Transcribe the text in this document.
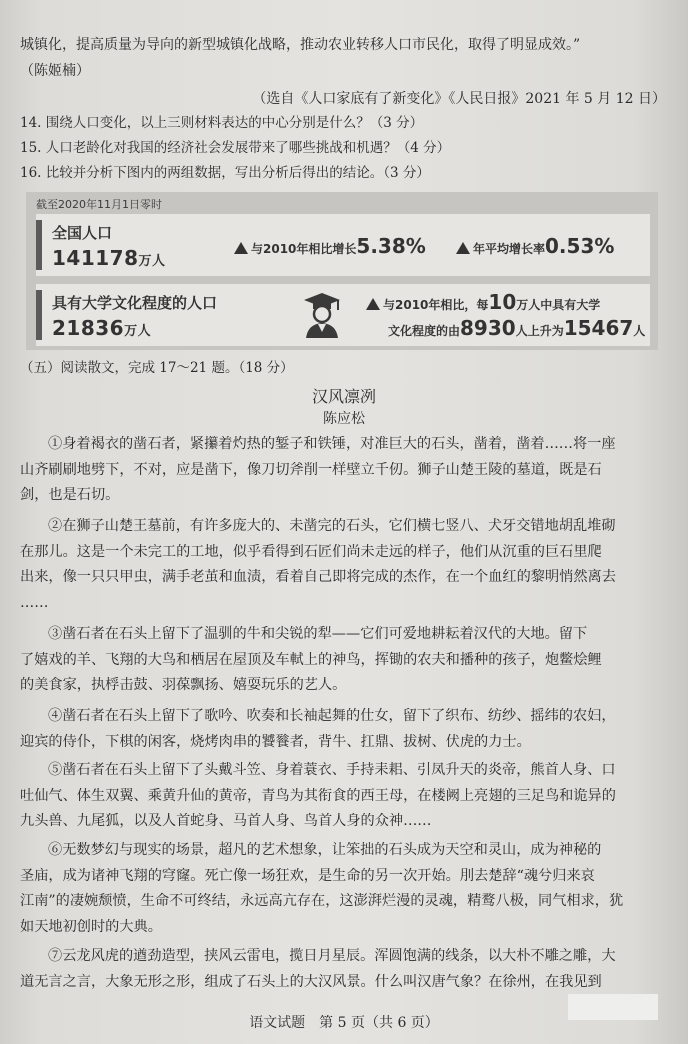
城镇化，提高质量为导向的新型城镇化战略，推动农业转移人口市民化，取得了明显成效。”
（陈姬楠）
（选自《人口家底有了新变化》《人民日报》2021 年 5 月 12 日）
14. 围绕人口变化，以上三则材料表达的中心分别是什么？（3 分）
15. 人口老龄化对我国的经济社会发展带来了哪些挑战和机遇？（4 分）
16. 比较并分析下图内的两组数据，写出分析后得出的结论。（3 分）
截至2020年11月1日零时
全国人口
141178万人
与2010年相比增长5.38%	年平均增长率0.53%
具有大学文化程度的人口
21836万人
与2010年相比，每10万人中具有大学
文化程度的由8930人上升为15467人
（五）阅读散文，完成 17～21 题。（18 分）
汉风凛冽
陈应松
①身着褐衣的凿石者，紧攥着灼热的錾子和铁锤，对准巨大的石头，凿着，凿着……将一座
山齐刷刷地劈下，不对，应是凿下，像刀切斧削一样壁立千仞。狮子山楚王陵的墓道，既是石
剑，也是石切。
②在狮子山楚王墓前，有许多庞大的、未凿完的石头，它们横七竖八、犬牙交错地胡乱堆砌
在那儿。这是一个未完工的工地，似乎看得到石匠们尚未走远的样子，他们从沉重的巨石里爬
出来，像一只只甲虫，满手老茧和血渍，看着自己即将完成的杰作，在一个血红的黎明悄然离去
……
③凿石者在石头上留下了温驯的牛和尖锐的犁——它们可爱地耕耘着汉代的大地。留下
了嬉戏的羊、飞翔的大鸟和栖居在屋顶及车軾上的神鸟，挥锄的农夫和播种的孩子，炮鳖烩鲤
的美食家，执桴击鼓、羽葆飘扬、嬉耍玩乐的艺人。
④凿石者在石头上留下了歌吟、吹奏和长袖起舞的仕女，留下了织布、纺纱、摇纬的农妇，
迎宾的侍仆，下棋的闲客，烧烤肉串的饕餮者，背牛、扛鼎、拔树、伏虎的力士。
⑤凿石者在石头上留下了头戴斗笠、身着蓑衣、手持耒耜、引凤升天的炎帝，熊首人身、口
吐仙气、体生双翼、乘黄升仙的黄帝，青鸟为其衔食的西王母，在楼阙上亮翅的三足鸟和诡异的
九头兽、九尾狐，以及人首蛇身、马首人身、鸟首人身的众神……
⑥无数梦幻与现实的场景，超凡的艺术想象，让笨拙的石头成为天空和灵山，成为神秘的
圣庙，成为诸神飞翔的穹窿。死亡像一场狂欢，是生命的另一次开始。刖去楚辞“魂兮归来哀
江南”的凄婉颓愤，生命不可终结，永远高亢存在，这澎湃烂漫的灵魂，精鹜八极，同气相求，犹
如天地初创时的大典。
⑦云龙风虎的遒劲造型，挟风云雷电，揽日月星辰。浑圆饱满的线条，以大朴不雕之雕，大
道无言之言，大象无形之形，组成了石头上的大汉风景。什么叫汉唐气象？在徐州，在我见到
语文试题　第 5 页（共 6 页）
